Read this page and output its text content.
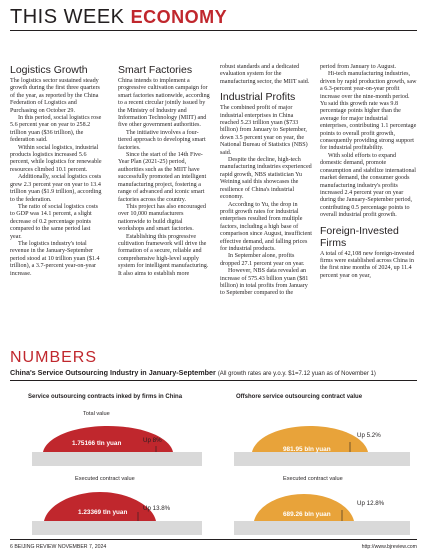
THIS WEEK ECONOMY
Logistics Growth

The logistics sector sustained steady growth during the first three quarters of the year, as reported by the China Federation of Logistics and Purchasing on October 29.

In this period, social logistics rose 5.6 percent year on year to 258.2 trillion yuan ($36 trillion), the federation said.

Within social logistics, industrial products logistics increased 5.6 percent, while logistics for renewable resources climbed 10.1 percent.

Additionally, social logistics costs grew 2.3 percent year on year to 13.4 trillion yuan ($1.9 trillion), according to the federation.

The ratio of social logistics costs to GDP was 14.1 percent, a slight decrease of 0.2 percentage points compared to the same period last year.

The logistics industry's total revenue in the January-September period stood at 10 trillion yuan ($1.4 trillion), a 3.7-percent year-on-year increase.

Smart Factories

China intends to implement a progressive cultivation campaign for smart factories nationwide, according to a recent circular jointly issued by the Ministry of Industry and Information Technology (MIIT) and five other government authorities.

The initiative involves a four-tiered approach to developing smart factories.

Since the start of the 14th Five-Year Plan (2021-25) period, authorities such as the MIIT have successfully promoted an intelligent manufacturing project, fostering a range of advanced and iconic smart factories across the country.

This project has also encouraged over 10,000 manufacturers nationwide to build digital workshops and smart factories.

Establishing this progressive cultivation framework will drive the formation of a secure, reliable and comprehensive high-level supply system for intelligent manufacturing. It also aims to establish more

robust standards and a dedicated evaluation system for the manufacturing sector, the MIIT said.

Industrial Profits

The combined profit of major industrial enterprises in China reached 5.23 trillion yuan ($733 billion) from January to September, down 3.5 percent year on year, the National Bureau of Statistics (NBS) said.

Despite the decline, high-tech manufacturing industries experienced rapid growth, NBS statistician Yu Weining said this showcases the resilience of China's industrial economy.

According to Yu, the drop in profit growth rates for industrial enterprises resulted from multiple factors, including a high base of comparison since August, insufficient effective demand, and falling prices for industrial products.

In September alone, profits dropped 27.1 percent year on year.

However, NBS data revealed an increase of 575.43 billion yuan ($81 billion) in total profits from January to September compared to the

period from January to August.

Hi-tech manufacturing industries, driven by rapid production growth, saw a 6.3-percent year-on-year profit increase over the nine-month period. Yu said this growth rate was 9.8 percentage points higher than the average for major industrial enterprises, contributing 1.1 percentage points to overall profit growth, consequently providing strong support for industrial profitability.

With solid efforts to expand domestic demand, promote consumption and stabilize international market demand, the consumer goods manufacturing industry's profits increased 2.4 percent year on year during the January-September period, contributing 0.5 percentage points to overall industrial profit growth.

Foreign-Invested Firms

A total of 42,108 new foreign-invested firms were established across China in the first nine months of 2024, up 11.4 percent year on year,

NUMBERS
China's Service Outsourcing Industry in January-September (All growth rates are y.o.y. $1=7.12 yuan as of November 1)
Service outsourcing contracts inked by firms in China
Total value
1.75166 tln yuan	Up 8%
Executed contract value
1.23369 tln yuan
Up 13.8%
Offshore service outsourcing contract value
981.95 bln yuan
Up 5.2%
Executed contract value
689.26 bln yuan
Up 12.8%
6 BEIJING REVIEW NOVEMBER 7, 2024	http://www.bjreview.com
